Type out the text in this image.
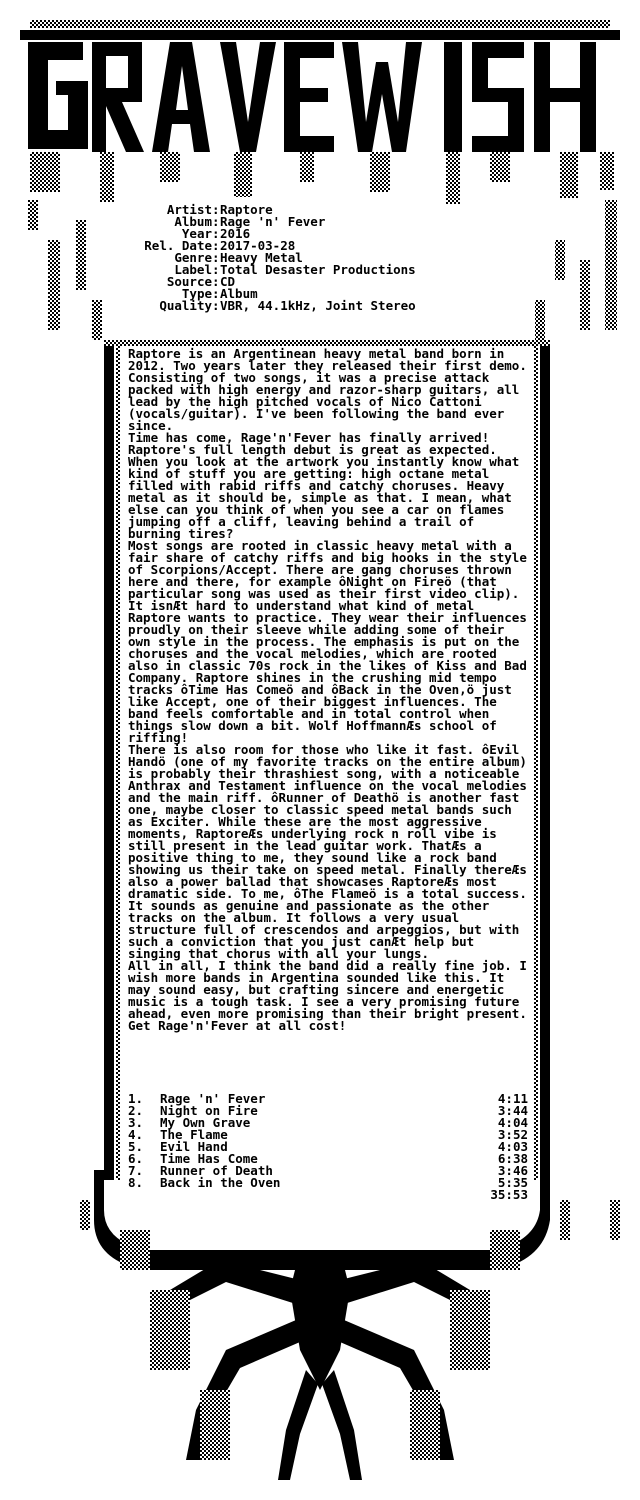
Artist : Raptore
Album : Rage 'n' Fever
Year : 2016
Rel. Date : 2017-03-28
Genre : Heavy Metal
Label : Total Desaster Productions
Source : CD
Type : Album
Quality : VBR, 44.1kHz, Joint Stereo

Raptore is an Argentinean heavy metal band born in 2012. Two years later they released their first demo. Consisting of two songs, it was a precise attack packed with high energy and razor-sharp guitars, all lead by the high pitched vocals of Nico Cattoni (vocals/guitar). I've been following the band ever since.

Time has come, Rage'n'Fever has finally arrived! Raptore's full length debut is great as expected. When you look at the artwork you instantly know what kind of stuff you are getting: high octane metal filled with rabid riffs and catchy choruses. Heavy metal as it should be, simple as that. I mean, what else can you think of when you see a car on flames jumping off a cliff, leaving behind a trail of burning tires?

Most songs are rooted in classic heavy metal with a fair share of catchy riffs and big hooks in the style of Scorpions/Accept. There are gang choruses thrown here and there, for example ôNight on Fireö (that particular song was used as their first video clip). It isnÆt hard to understand what kind of metal Raptore wants to practice. They wear their influences proudly on their sleeve while adding some of their own style in the process. The emphasis is put on the choruses and the vocal melodies, which are rooted also in classic 70s rock in the likes of Kiss and Bad Company. Raptore shines in the crushing mid tempo tracks ôTime Has Comeö and ôBack in the Oven,ö just like Accept, one of their biggest influences. The band feels comfortable and in total control when things slow down a bit. Wolf HoffmannÆs school of riffing!

There is also room for those who like it fast. ôEvil Handö (one of my favorite tracks on the entire album) is probably their thrashiest song, with a noticeable Anthrax and Testament influence on the vocal melodies and the main riff. ôRunner of Deathö is another fast one, maybe closer to classic speed metal bands such as Exciter. While these are the most aggressive moments, RaptoreÆs underlying rock n roll vibe is still present in the lead guitar work. ThatÆs a positive thing to me, they sound like a rock band showing us their take on speed metal. Finally thereÆs also a power ballad that showcases RaptoreÆs most dramatic side. To me, ôThe Flameö is a total success. It sounds as genuine and passionate as the other tracks on the album. It follows a very usual structure full of crescendos and arpeggios, but with such a conviction that you just canÆt help but singing that chorus with all your lungs.

All in all, I think the band did a really fine job. I wish more bands in Argentina sounded like this. It may sound easy, but crafting sincere and energetic music is a tough task. I see a very promising future ahead, even more promising than their bright present. Get Rage'n'Fever at all cost!

1.	Rage 'n' Fever	4:11
2.	Night on Fire	3:44
3.	My Own Grave	4:04
4.	The Flame	3:52
5.	Evil Hand	4:03
6.	Time Has Come	6:38
7.	Runner of Death	3:46
8.	Back in the Oven	5:35
35:53
